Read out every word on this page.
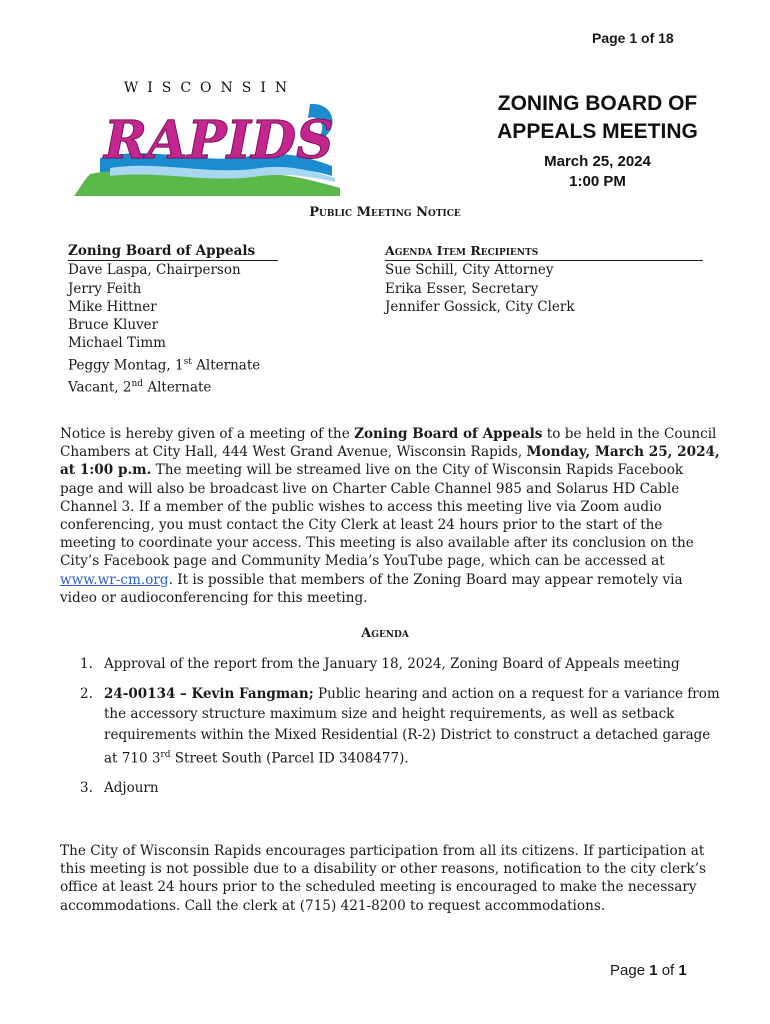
Page 1 of 18
WISCONSIN
RAPIDS
ZONING BOARD OF
APPEALS MEETING
March 25, 2024
1:00 PM
Public Meeting Notice
Zoning Board of Appeals
Dave Laspa, Chairperson
Jerry Feith
Mike Hittner
Bruce Kluver
Michael Timm
Peggy Montag, 1st Alternate
Vacant, 2nd Alternate
Agenda Item Recipients
Sue Schill, City Attorney
Erika Esser, Secretary
Jennifer Gossick, City Clerk
Notice is hereby given of a meeting of the Zoning Board of Appeals to be held in the Council Chambers at City Hall, 444 West Grand Avenue, Wisconsin Rapids, Monday, March 25, 2024, at 1:00 p.m. The meeting will be streamed live on the City of Wisconsin Rapids Facebook page and will also be broadcast live on Charter Cable Channel 985 and Solarus HD Cable Channel 3. If a member of the public wishes to access this meeting live via Zoom audio conferencing, you must contact the City Clerk at least 24 hours prior to the start of the meeting to coordinate your access. This meeting is also available after its conclusion on the City’s Facebook page and Community Media’s YouTube page, which can be accessed at www.wr-cm.org. It is possible that members of the Zoning Board may appear remotely via video or audioconferencing for this meeting.
Agenda
1. Approval of the report from the January 18, 2024, Zoning Board of Appeals meeting
2. 24-00134 – Kevin Fangman; Public hearing and action on a request for a variance from the accessory structure maximum size and height requirements, as well as setback requirements within the Mixed Residential (R-2) District to construct a detached garage at 710 3rd Street South (Parcel ID 3408477).
3. Adjourn
The City of Wisconsin Rapids encourages participation from all its citizens. If participation at this meeting is not possible due to a disability or other reasons, notification to the city clerk’s office at least 24 hours prior to the scheduled meeting is encouraged to make the necessary accommodations. Call the clerk at (715) 421-8200 to request accommodations.
Page 1 of 1
